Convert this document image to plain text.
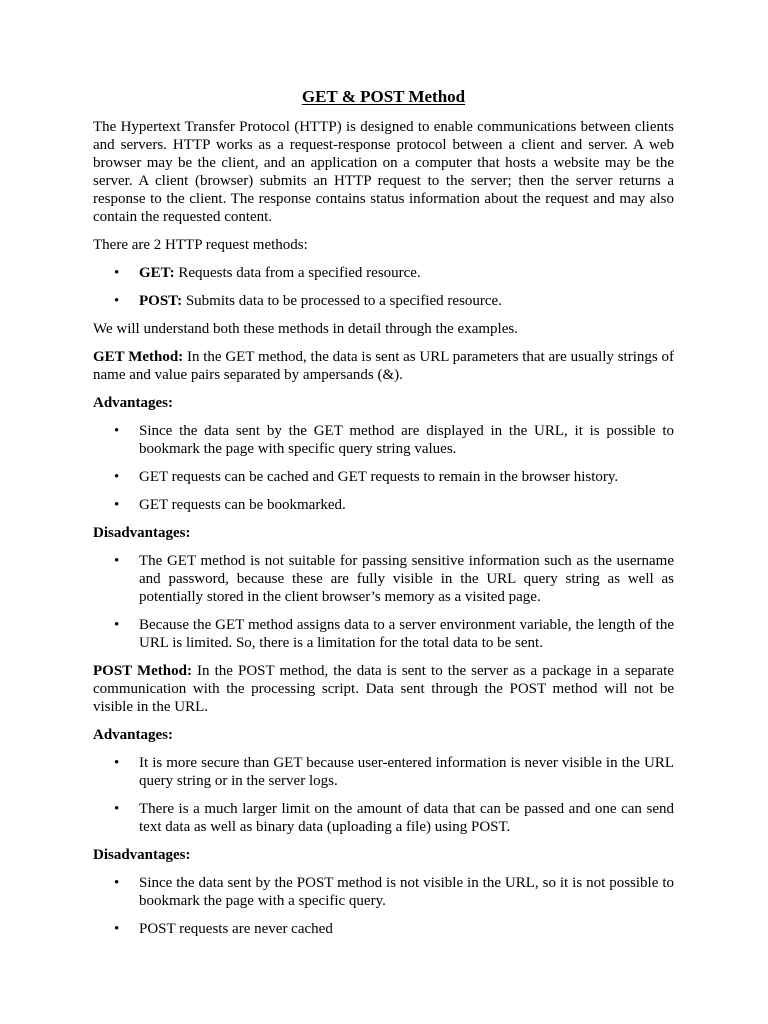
GET & POST Method

The Hypertext Transfer Protocol (HTTP) is designed to enable communications between clients and servers. HTTP works as a request-response protocol between a client and server. A web browser may be the client, and an application on a computer that hosts a website may be the server. A client (browser) submits an HTTP request to the server; then the server returns a response to the client. The response contains status information about the request and may also contain the requested content.

There are 2 HTTP request methods:

• GET: Requests data from a specified resource.
• POST: Submits data to be processed to a specified resource.

We will understand both these methods in detail through the examples.

GET Method: In the GET method, the data is sent as URL parameters that are usually strings of name and value pairs separated by ampersands (&).

Advantages:

• Since the data sent by the GET method are displayed in the URL, it is possible to bookmark the page with specific query string values.
• GET requests can be cached and GET requests to remain in the browser history.
• GET requests can be bookmarked.

Disadvantages:

• The GET method is not suitable for passing sensitive information such as the username and password, because these are fully visible in the URL query string as well as potentially stored in the client browser’s memory as a visited page.
• Because the GET method assigns data to a server environment variable, the length of the URL is limited. So, there is a limitation for the total data to be sent.

POST Method: In the POST method, the data is sent to the server as a package in a separate communication with the processing script. Data sent through the POST method will not be visible in the URL.

Advantages:

• It is more secure than GET because user-entered information is never visible in the URL query string or in the server logs.
• There is a much larger limit on the amount of data that can be passed and one can send text data as well as binary data (uploading a file) using POST.

Disadvantages:

• Since the data sent by the POST method is not visible in the URL, so it is not possible to bookmark the page with a specific query.
• POST requests are never cached
